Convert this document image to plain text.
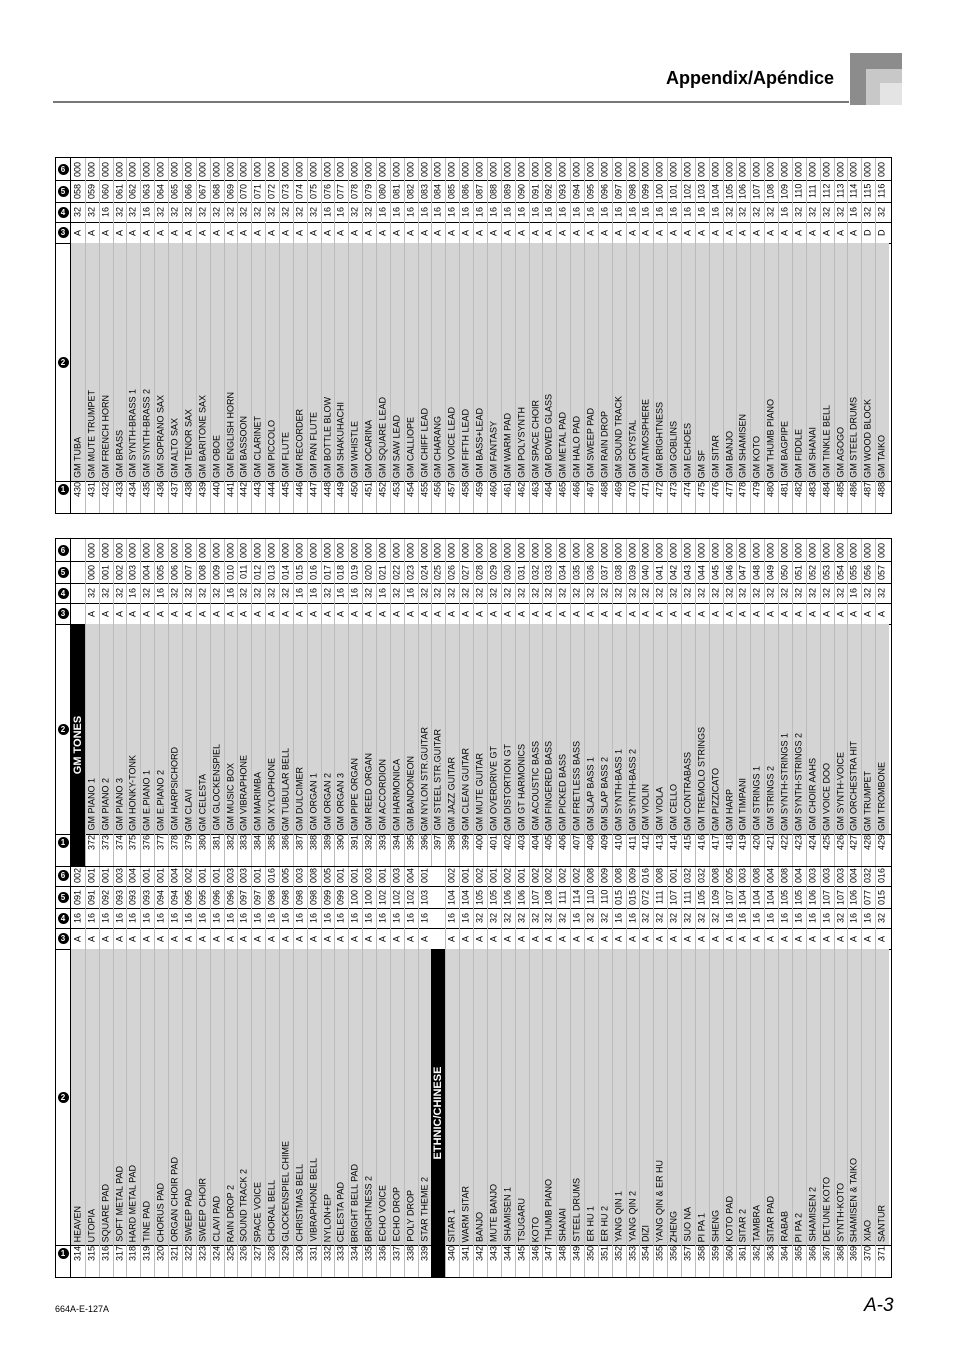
Appendix/Apéndice
1
2
3
4
5
6
314
HEAVEN
A
16
091
002
315
UTOPIA
A
16
091
001
316
SQUARE PAD
A
16
092
001
317
SOFT METAL PAD
A
16
093
003
318
HARD METAL PAD
A
16
093
004
319
TINE PAD
A
16
093
001
320
CHORUS PAD
A
16
094
001
321
ORGAN CHOIR PAD
A
16
094
004
322
SWEEP PAD
A
16
095
002
323
SWEEP CHOIR
A
16
095
001
324
CLAVI PAD
A
16
096
001
325
RAIN DROP 2
A
16
096
003
326
SOUND TRACK 2
A
16
097
003
327
SPACE VOICE
A
16
097
001
328
CHORAL BELL
A
16
098
016
329
GLOCKENSPIEL CHIME
A
16
098
005
330
CHRISTMAS BELL
A
16
098
003
331
VIBRAPHONE BELL
A
16
098
008
332
NYLON+EP
A
16
099
005
333
CELESTA PAD
A
16
099
001
334
BRIGHT BELL PAD
A
16
100
001
335
BRIGHTNESS 2
A
16
100
003
336
ECHO VOICE
A
16
102
001
337
ECHO DROP
A
16
102
003
338
POLY DROP
A
16
102
004
339
STAR THEME 2
A
16
103
001
ETHNIC/CHINESE
340
SITAR 1
A
16
104
002
341
WARM SITAR
A
16
104
001
342
BANJO
A
32
105
002
343
MUTE BANJO
A
32
105
001
344
SHAMISEN 1
A
32
106
002
345
TSUGARU
A
32
106
001
346
KOTO
A
32
107
002
347
THUMB PIANO
A
32
108
002
348
SHANAI
A
32
111
002
349
STEEL DRUMS
A
16
114
002
350
ER HU 1
A
32
110
008
351
ER HU 2
A
32
110
009
352
YANG QIN 1
A
16
015
008
353
YANG QIN 2
A
16
015
009
354
DIZI
A
32
072
016
355
YANG QIN & ER HU
A
32
111
008
356
ZHENG
A
32
107
001
357
SUO NA
A
32
111
032
358
PI PA 1
A
32
105
032
359
SHENG
A
32
109
008
360
KOTO PAD
A
16
107
005
361
SITAR 2
A
16
104
003
362
TAMBRA
A
16
104
008
363
SITAR PAD
A
16
104
004
364
RABAB
A
16
105
008
365
PI PA 2
A
16
105
004
366
SHAMISEN 2
A
16
106
003
367
DETUNE KOTO
A
16
107
003
368
SYNTH-KOTO
A
32
107
003
369
SHAMISEN & TAIKO
A
16
106
004
370
XIAO
A
16
077
032
371
SANTUR
A
32
015
016
1
2
3
4
5
6
GM TONES
372
GM PIANO 1
A
32
000
000
373
GM PIANO 2
A
32
001
000
374
GM PIANO 3
A
32
002
000
375
GM HONKY-TONK
A
16
003
000
376
GM E.PIANO 1
A
32
004
000
377
GM E.PIANO 2
A
16
005
000
378
GM HARPSICHORD
A
32
006
000
379
GM CLAVI
A
32
007
000
380
GM CELESTA
A
32
008
000
381
GM GLOCKENSPIEL
A
32
009
000
382
GM MUSIC BOX
A
16
010
000
383
GM VIBRAPHONE
A
32
011
000
384
GM MARIMBA
A
32
012
000
385
GM XYLOPHONE
A
32
013
000
386
GM TUBULAR BELL
A
32
014
000
387
GM DULCIMER
A
16
015
000
388
GM ORGAN 1
A
16
016
000
389
GM ORGAN 2
A
32
017
000
390
GM ORGAN 3
A
16
018
000
391
GM PIPE ORGAN
A
16
019
000
392
GM REED ORGAN
A
32
020
000
393
GM ACCORDION
A
16
021
000
394
GM HARMONICA
A
32
022
000
395
GM BANDONEON
A
16
023
000
396
GM NYLON STR.GUITAR
A
32
024
000
397
GM STEEL STR.GUITAR
A
32
025
000
398
GM JAZZ GUITAR
A
32
026
000
399
GM CLEAN GUITAR
A
32
027
000
400
GM MUTE GUITAR
A
32
028
000
401
GM OVERDRIVE GT
A
32
029
000
402
GM DISTORTION GT
A
32
030
000
403
GM GT HARMONICS
A
32
031
000
404
GM ACOUSTIC BASS
A
32
032
000
405
GM FINGERED BASS
A
32
033
000
406
GM PICKED BASS
A
32
034
000
407
GM FRETLESS BASS
A
32
035
000
408
GM SLAP BASS 1
A
32
036
000
409
GM SLAP BASS 2
A
32
037
000
410
GM SYNTH-BASS 1
A
32
038
000
411
GM SYNTH-BASS 2
A
32
039
000
412
GM VIOLIN
A
32
040
000
413
GM VIOLA
A
32
041
000
414
GM CELLO
A
32
042
000
415
GM CONTRABASS
A
32
043
000
416
GM TREMOLO STRINGS
A
32
044
000
417
GM PIZZICATO
A
32
045
000
418
GM HARP
A
32
046
000
419
GM TIMPANI
A
32
047
000
420
GM STRINGS 1
A
32
048
000
421
GM STRINGS 2
A
32
049
000
422
GM SYNTH-STRINGS 1
A
32
050
000
423
GM SYNTH-STRINGS 2
A
32
051
000
424
GM CHOIR AAHS
A
32
052
000
425
GM VOICE DOO
A
32
053
000
426
GM SYNTH-VOICE
A
32
054
000
427
GM ORCHESTRA HIT
A
16
055
000
428
GM TRUMPET
A
32
056
000
429
GM TROMBONE
A
32
057
000
1
2
3
4
5
6
430
GM TUBA
A
32
058
000
431
GM MUTE TRUMPET
A
32
059
000
432
GM FRENCH HORN
A
16
060
000
433
GM BRASS
A
32
061
000
434
GM SYNTH-BRASS 1
A
32
062
000
435
GM SYNTH-BRASS 2
A
16
063
000
436
GM SOPRANO SAX
A
32
064
000
437
GM ALTO SAX
A
32
065
000
438
GM TENOR SAX
A
32
066
000
439
GM BARITONE SAX
A
32
067
000
440
GM OBOE
A
32
068
000
441
GM ENGLISH HORN
A
32
069
000
442
GM BASSOON
A
32
070
000
443
GM CLARINET
A
32
071
000
444
GM PICCOLO
A
32
072
000
445
GM FLUTE
A
32
073
000
446
GM RECORDER
A
32
074
000
447
GM PAN FLUTE
A
32
075
000
448
GM BOTTLE BLOW
A
16
076
000
449
GM SHAKUHACHI
A
16
077
000
450
GM WHISTLE
A
32
078
000
451
GM OCARINA
A
32
079
000
452
GM SQUARE LEAD
A
16
080
000
453
GM SAW LEAD
A
16
081
000
454
GM CALLIOPE
A
16
082
000
455
GM CHIFF LEAD
A
16
083
000
456
GM CHARANG
A
16
084
000
457
GM VOICE LEAD
A
16
085
000
458
GM FIFTH LEAD
A
16
086
000
459
GM BASS+LEAD
A
16
087
000
460
GM FANTASY
A
16
088
000
461
GM WARM PAD
A
16
089
000
462
GM POLYSYNTH
A
16
090
000
463
GM SPACE CHOIR
A
16
091
000
464
GM BOWED GLASS
A
16
092
000
465
GM METAL PAD
A
16
093
000
466
GM HALO PAD
A
16
094
000
467
GM SWEEP PAD
A
16
095
000
468
GM RAIN DROP
A
16
096
000
469
GM SOUND TRACK
A
16
097
000
470
GM CRYSTAL
A
16
098
000
471
GM ATMOSPHERE
A
16
099
000
472
GM BRIGHTNESS
A
16
100
000
473
GM GOBLINS
A
16
101
000
474
GM ECHOES
A
16
102
000
475
GM SF
A
16
103
000
476
GM SITAR
A
16
104
000
477
GM BANJO
A
32
105
000
478
GM SHAMISEN
A
32
106
000
479
GM KOTO
A
32
107
000
480
GM THUMB PIANO
A
32
108
000
481
GM BAGPIPE
A
16
109
000
482
GM FIDDLE
A
32
110
000
483
GM SHANAI
A
32
111
000
484
GM TINKLE BELL
A
32
112
000
485
GM AGOGO
A
32
113
000
486
GM STEEL DRUMS
A
16
114
000
487
GM WOOD BLOCK
D
32
115
000
488
GM TAIKO
D
32
116
000
664A-E-127A	A-3
